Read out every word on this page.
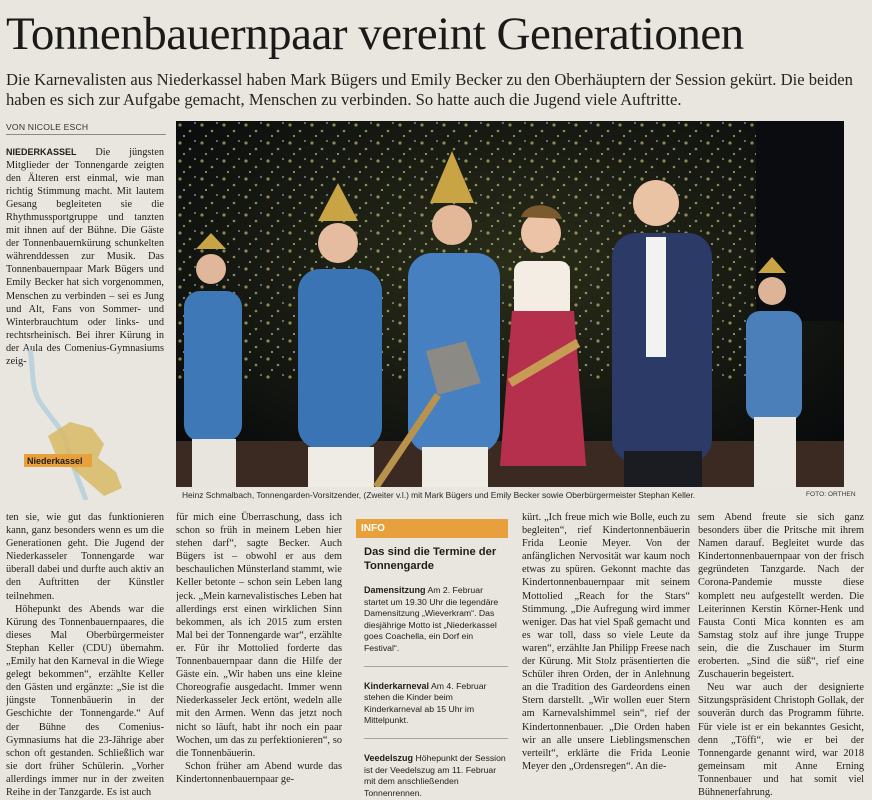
Tonnenbauernpaar vereint Generationen
Die Karnevalisten aus Niederkassel haben Mark Bügers und Emily Becker zu den Oberhäuptern der Session gekürt. Die beiden haben es sich zur Aufgabe gemacht, Menschen zu verbinden. So hatte auch die Jugend viele Auftritte.
VON NICOLE ESCH
NIEDERKASSEL Die jüngsten Mitglieder der Tonnengarde zeigten den Älteren erst einmal, wie man richtig Stimmung macht. Mit lautem Gesang begleiteten sie die Rhythmussportgruppe und tanzten mit ihnen auf der Bühne. Die Gäste der Tonnenbauernkürung schunkelten währenddessen zur Musik. Das Tonnenbauernpaar Mark Bügers und Emily Becker hat sich vorgenommen, Menschen zu verbinden – sei es Jung und Alt, Fans von Sommer- und Winterbrauchtum oder links- und rechtsrheinisch. Bei ihrer Kürung in der Aula des Comenius-Gymnasiums zeig-
Niederkassel
Heinz Schmalbach, Tonnengarden-Vorsitzender, (Zweiter v.l.) mit Mark Bügers und Emily Becker sowie Oberbürgermeister Stephan Keller.	FOTO: ORTHEN

ten sie, wie gut das funktionieren kann, ganz besonders wenn es um die Generationen geht. Die Jugend der Niederkasseler Tonnengarde war überall dabei und durfte auch aktiv an den Auftritten der Künstler teilnehmen.

Höhepunkt des Abends war die Kürung des Tonnenbauernpaares, die dieses Mal Oberbürgermeister Stephan Keller (CDU) übernahm. „Emily hat den Karneval in die Wiege gelegt bekommen“, erzählte Keller den Gästen und ergänzte: „Sie ist die jüngste Tonnenbäuerin in der Geschichte der Tonnengarde.“ Auf der Bühne des Comenius-Gymnasiums hat die 23-Jährige aber schon oft gestanden. Schließlich war sie dort früher Schülerin. „Vorher allerdings immer nur in der zweiten Reihe in der Tanzgarde. Es ist auch

für mich eine Überraschung, dass ich schon so früh in meinem Leben hier stehen darf“, sagte Becker. Auch Bügers ist – obwohl er aus dem beschaulichen Münsterland stammt, wie Keller betonte – schon sein Leben lang jeck. „Mein karnevalistisches Leben hat allerdings erst einen wirklichen Sinn bekommen, als ich 2015 zum ersten Mal bei der Tonnengarde war“, erzählte er. Für ihr Mottolied forderte das Tonnenbauernpaar dann die Hilfe der Gäste ein. „Wir haben uns eine kleine Choreografie ausgedacht. Immer wenn Niederkasseler Jeck ertönt, wedeln alle mit den Armen. Wenn das jetzt noch nicht so läuft, habt ihr noch ein paar Wochen, um das zu perfektionieren“, so die Tonnenbäuerin.

Schon früher am Abend wurde das Kindertonnenbauernpaar ge-

INFO
Das sind die Termine der Tonnengarde
Damensitzung Am 2. Februar startet um 19.30 Uhr die legendäre Damensitzung „Wieverkram“. Das diesjährige Motto ist „Niederkassel goes Coachella, ein Dorf ein Festival“.
Kinderkarneval Am 4. Februar stehen die Kinder beim Kinderkarneval ab 15 Uhr im Mittelpunkt.
Veedelszug Höhepunkt der Session ist der Veedelszug am 11. Februar mit dem anschließenden Tonnenrennen.

kürt. „Ich freue mich wie Bolle, euch zu begleiten“, rief Kindertonnenbäuerin Frida Leonie Meyer. Von der anfänglichen Nervosität war kaum noch etwas zu spüren. Gekonnt machte das Kindertonnenbauernpaar mit seinem Mottolied „Reach for the Stars“ Stimmung. „Die Aufregung wird immer weniger. Das hat viel Spaß gemacht und es war toll, dass so viele Leute da waren“, erzählte Jan Philipp Freese nach der Kürung. Mit Stolz präsentierten die Schüler ihren Orden, der in Anlehnung an die Tradition des Gardeordens einen Stern darstellt. „Wir wollen euer Stern am Karnevalshimmel sein“, rief der Kindertonnenbauer. „Die Orden haben wir an alle unsere Lieblingsmenschen verteilt“, erklärte die Frida Leonie Meyer den „Ordensregen“. An die-

sem Abend freute sie sich ganz besonders über die Pritsche mit ihrem Namen darauf. Begleitet wurde das Kindertonnenbauernpaar von der frisch gegründeten Tanzgarde. Nach der Corona-Pandemie musste diese komplett neu aufgestellt werden. Die Leiterinnen Kerstin Körner-Henk und Fausta Conti Mica konnten es am Samstag stolz auf ihre junge Truppe sein, die die Zuschauer im Sturm eroberten. „Sind die süß“, rief eine Zuschauerin begeistert.

Neu war auch der designierte Sitzungspräsident Christoph Gollak, der souverän durch das Programm führte. Für viele ist er ein bekanntes Gesicht, denn „Töffi“, wie er bei der Tonnengarde genannt wird, war 2018 gemeinsam mit Anne Erning Tonnenbauer und hat somit viel Bühnenerfahrung.
